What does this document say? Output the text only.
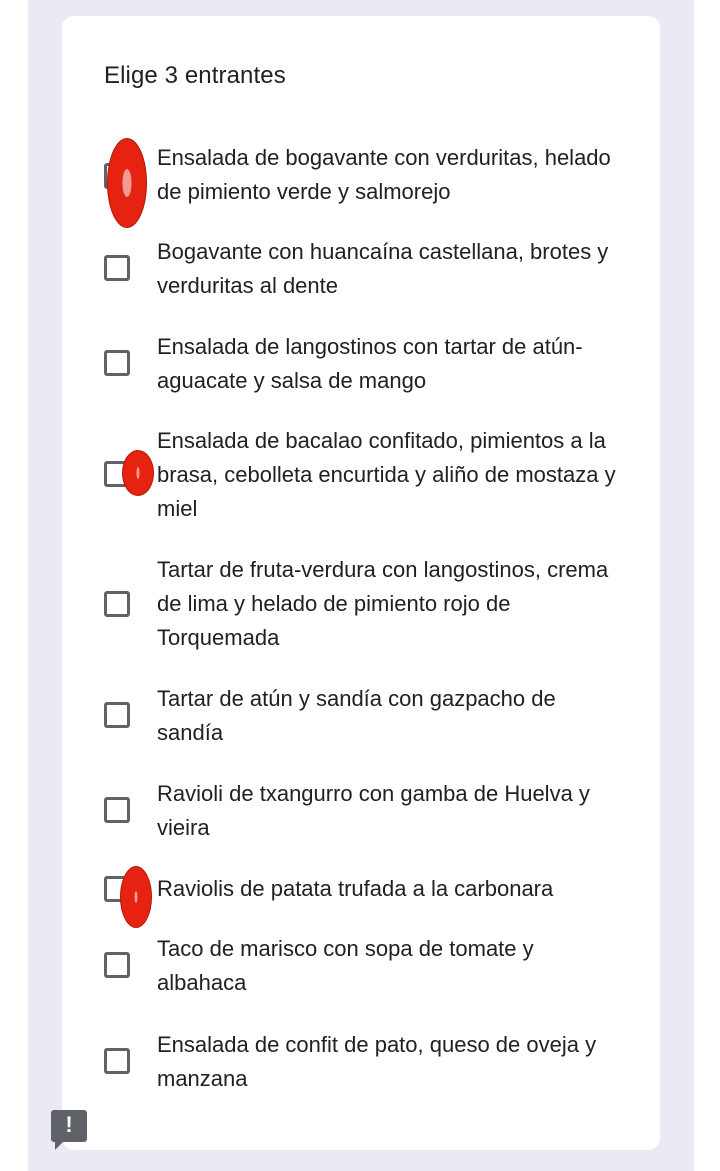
Elige 3 entrantes
Ensalada de bogavante con verduritas, helado de pimiento verde y salmorejo
Bogavante con huancaína castellana, brotes y verduritas al dente
Ensalada de langostinos con tartar de atún-aguacate y salsa de mango
Ensalada de bacalao confitado, pimientos a la brasa, cebolleta encurtida y aliño de mostaza y miel
Tartar de fruta-verdura con langostinos, crema de lima y helado de pimiento rojo de Torquemada
Tartar de atún y sandía con gazpacho de sandía
Ravioli de txangurro con gamba de Huelva y vieira
Raviolis de patata trufada a la carbonara
Taco de marisco con sopa de tomate y albahaca
Ensalada de confit de pato, queso de oveja y manzana
!
